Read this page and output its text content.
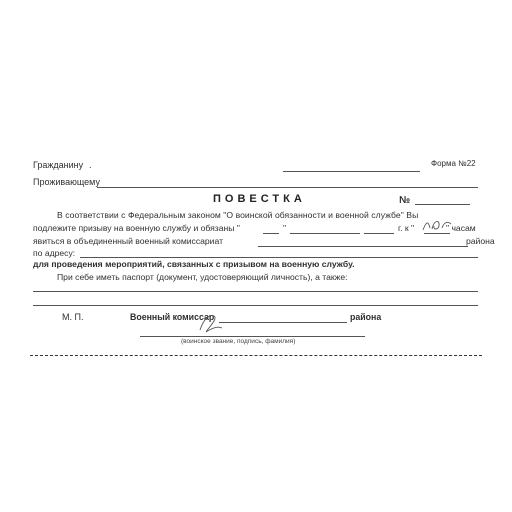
Форма №22
Гражданину .
Проживающему
ПОВЕСТКА	№
В соответствии с Федеральным законом "О воинской обязанности и военной службе" Вы
подлежите призыву на военную службу и обязаны "	"	г. к "	" часам
явиться в объединенный военный комиссариат	района
по адресу:
для проведения мероприятий, связанных с призывом на военную службу.
При себе иметь паспорт (документ, удостоверяющий личность), а также:
М. П.	Военный комиссар	района
(воинское звание, подпись, фамилия)
